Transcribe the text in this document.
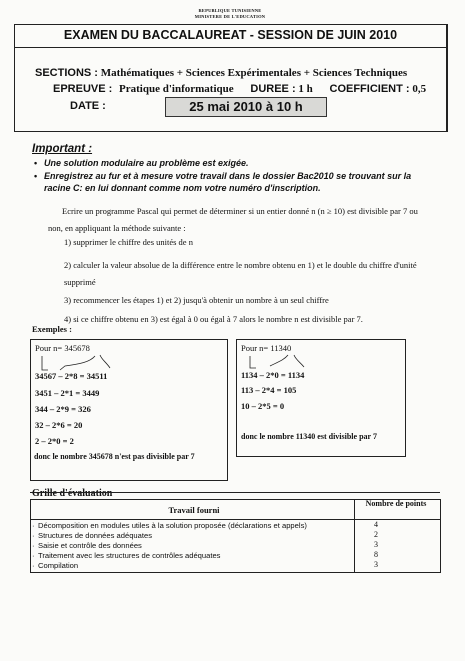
REPUBLIQUE TUNISIENNE
MINISTERE DE L'EDUCATION
EXAMEN DU BACCALAUREAT - SESSION DE JUIN 2010
SECTIONS : Mathématiques + Sciences Expérimentales + Sciences Techniques
EPREUVE : Pratique d'informatique DUREE : 1 h COEFFICIENT : 0,5
DATE :	25 mai 2010 à 10 h
Important :
• Une solution modulaire au problème est exigée.
• Enregistrez au fur et à mesure votre travail dans le dossier Bac2010 se trouvant sur la racine C: en lui donnant comme nom votre numéro d'inscription.
Ecrire un programme Pascal qui permet de déterminer si un entier donné n (n ≥ 10) est divisible par 7 ou non, en appliquant la méthode suivante :
1) supprimer le chiffre des unités de n
2) calculer la valeur absolue de la différence entre le nombre obtenu en 1) et le double du chiffre d'unité supprimé
3) recommencer les étapes 1) et 2) jusqu'à obtenir un nombre à un seul chiffre
4) si ce chiffre obtenu en 3) est égal à 0 ou égal à 7 alors le nombre n est divisible par 7.
Exemples :
Pour n= 345678
34567 – 2*8 = 34511
3451 – 2*1 = 3449
344 – 2*9 = 326
32 – 2*6 = 20
2 – 2*0 = 2
donc le nombre 345678 n'est pas divisible par 7
Pour n= 11340
1134 – 2*0 = 1134
113 – 2*4 = 105
10 – 2*5 = 0
donc le nombre 11340 est divisible par 7
Grille d'évaluation
Travail fourni
Nombre de points
· Décomposition en modules utiles à la solution proposée (déclarations et appels)	4
· Structures de données adéquates	2
· Saisie et contrôle des données	3
· Traitement avec les structures de contrôles adéquates	8
· Compilation	3
